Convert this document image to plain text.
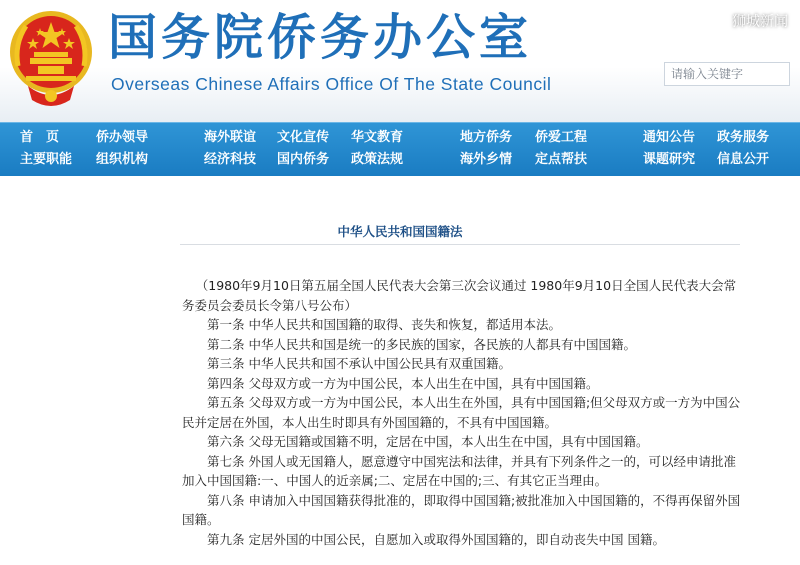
国务院侨务办公室
Overseas Chinese Affairs Office Of The State Council
狮城新闻
请输入关键字
首　页	侨办领导	海外联谊 文化宣传 华文教育	地方侨务 侨爱工程	通知公告 政务服务
主要职能 组织机构	经济科技 国内侨务 政策法规	海外乡情 定点帮扶	课题研究 信息公开
中华人民共和国国籍法

（1980年9月10日第五届全国人民代表大会第三次会议通过 1980年9月10日全国人民代表大会常务委员会委员长令第八号公布）

第一条 中华人民共和国国籍的取得、丧失和恢复，都适用本法。

第二条 中华人民共和国是统一的多民族的国家，各民族的人都具有中国国籍。

第三条 中华人民共和国不承认中国公民具有双重国籍。

第四条 父母双方或一方为中国公民，本人出生在中国，具有中国国籍。

第五条 父母双方或一方为中国公民，本人出生在外国，具有中国国籍;但父母双方或一方为中国公民并定居在外国，本人出生时即具有外国国籍的，不具有中国国籍。

第六条 父母无国籍或国籍不明，定居在中国，本人出生在中国，具有中国国籍。

第七条 外国人或无国籍人，愿意遵守中国宪法和法律，并具有下列条件之一的，可以经申请批准加入中国国籍:一、中国人的近亲属;二、定居在中国的;三、有其它正当理由。

第八条 申请加入中国国籍获得批准的，即取得中国国籍;被批准加入中国国籍的，不得再保留外国国籍。

第九条 定居外国的中国公民，自愿加入或取得外国国籍的，即自动丧失中国 国籍。
